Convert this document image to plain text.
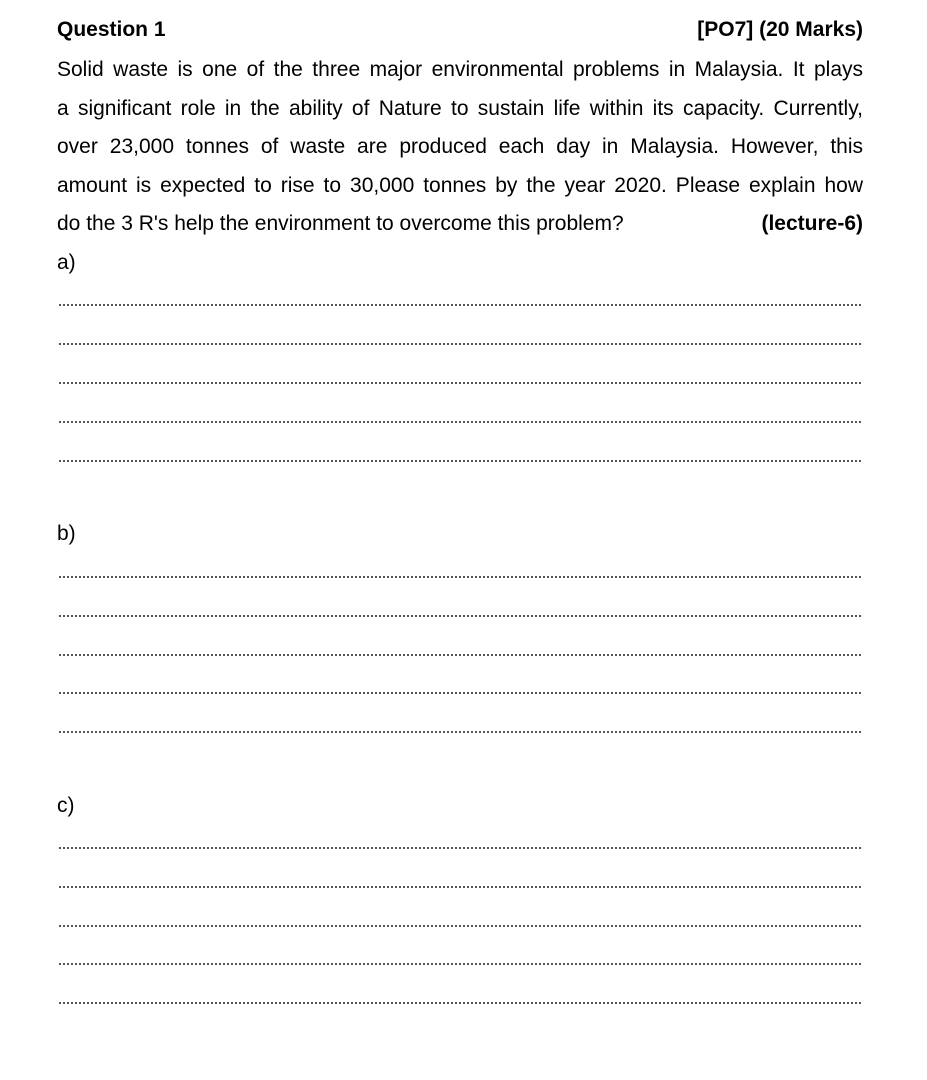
Question 1	[PO7] (20 Marks)
Solid waste is one of the three major environmental problems in Malaysia. It plays
a significant role in the ability of Nature to sustain life within its capacity. Currently,
over 23,000 tonnes of waste are produced each day in Malaysia. However, this
amount is expected to rise to 30,000 tonnes by the year 2020. Please explain how
do the 3 R's help the environment to overcome this problem?	(lecture-6)
a)
b)
c)
